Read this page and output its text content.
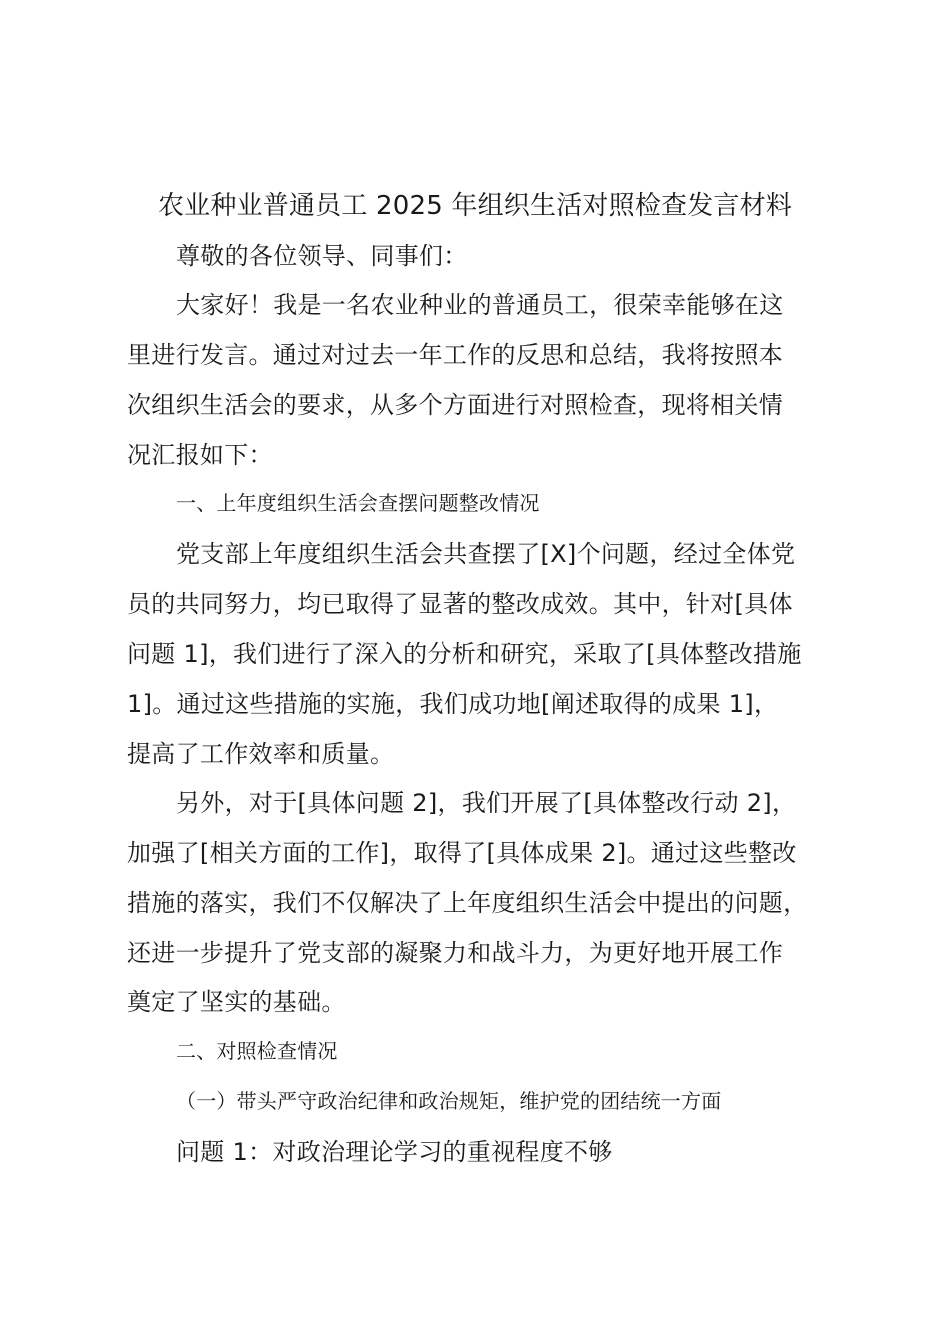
农业种业普通员工 2025 年组织生活对照检查发言材料
尊敬的各位领导、同事们：
大家好！我是一名农业种业的普通员工，很荣幸能够在这
里进行发言。通过对过去一年工作的反思和总结，我将按照本
次组织生活会的要求，从多个方面进行对照检查，现将相关情
况汇报如下：
一、上年度组织生活会查摆问题整改情况
党支部上年度组织生活会共查摆了[X]个问题，经过全体党
员的共同努力，均已取得了显著的整改成效。其中，针对[具体
问题 1]，我们进行了深入的分析和研究，采取了[具体整改措施
1]。通过这些措施的实施，我们成功地[阐述取得的成果 1]，
提高了工作效率和质量。
另外，对于[具体问题 2]，我们开展了[具体整改行动 2]，
加强了[相关方面的工作]，取得了[具体成果 2]。通过这些整改
措施的落实，我们不仅解决了上年度组织生活会中提出的问题，
还进一步提升了党支部的凝聚力和战斗力，为更好地开展工作
奠定了坚实的基础。
二、对照检查情况
（一）带头严守政治纪律和政治规矩，维护党的团结统一方面
问题 1：对政治理论学习的重视程度不够
